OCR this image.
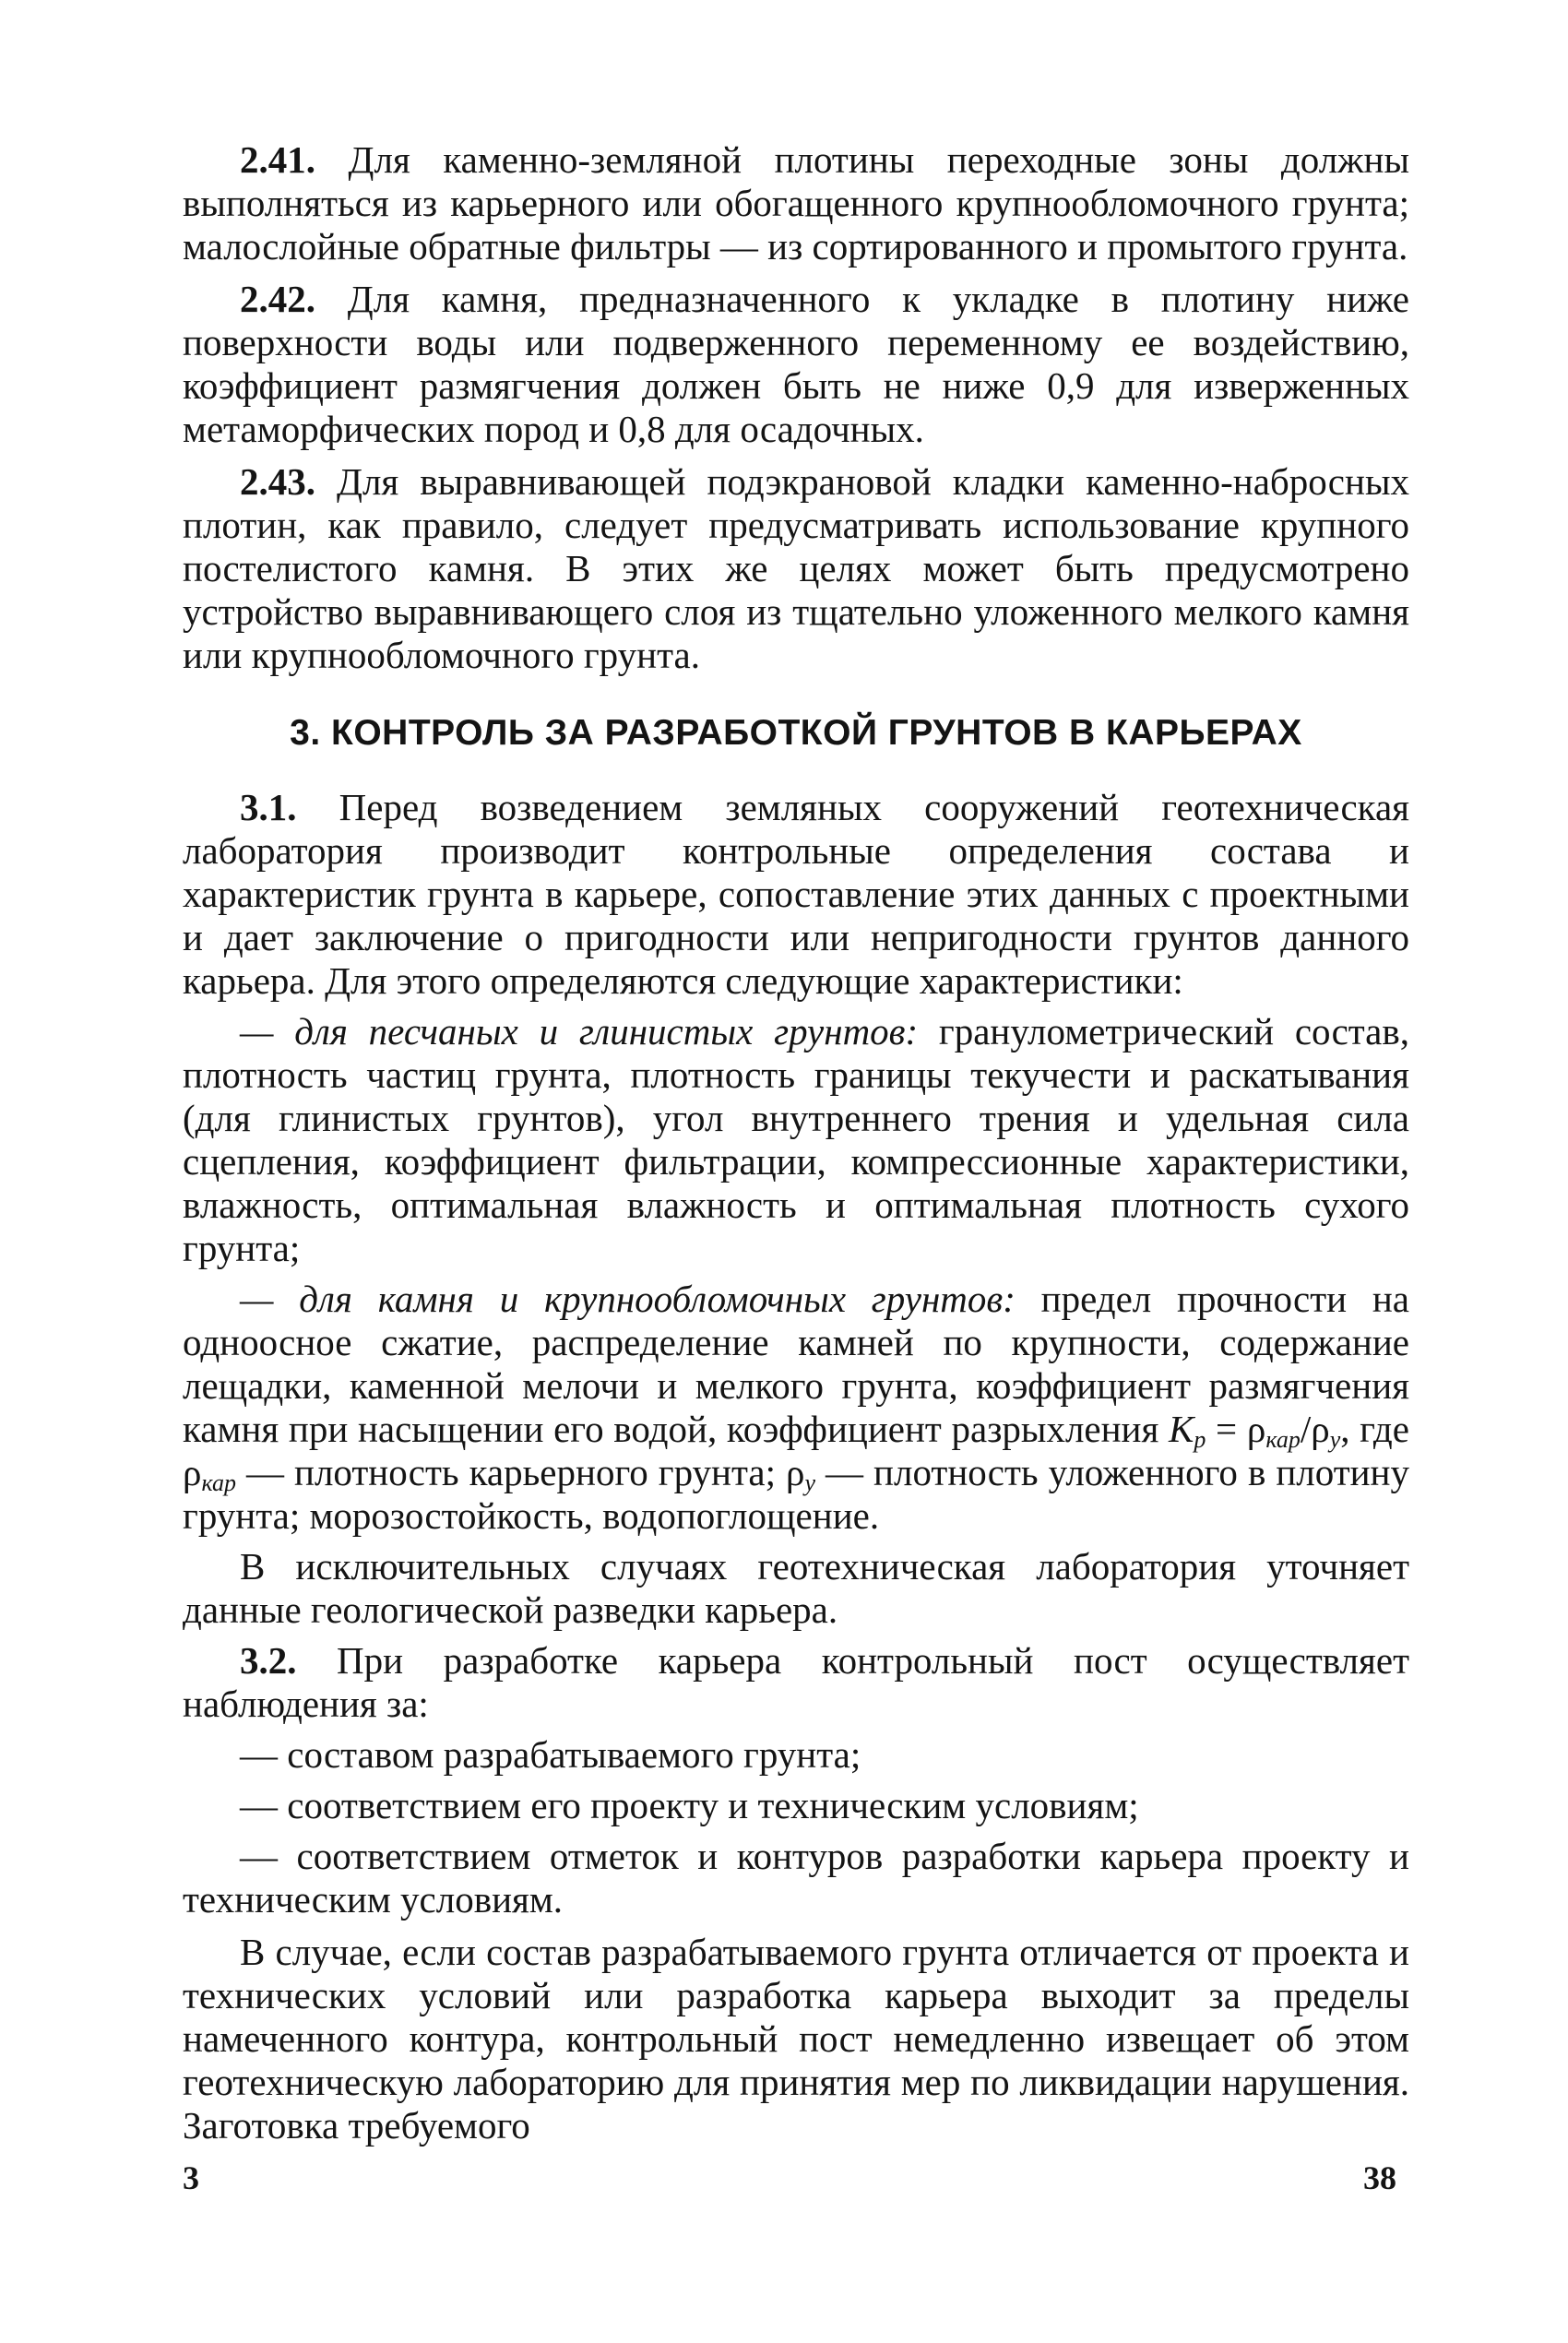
2.41. Для каменно-земляной плотины переходные зоны должны выполняться из карьерного или обогащенного крупнообломочного грунта; малослойные обратные фильтры — из сортированного и промытого грунта.

2.42. Для камня, предназначенного к укладке в плотину ниже поверхности воды или подверженного переменному ее воздействию, коэффициент размягчения должен быть не ниже 0,9 для изверженных метаморфических пород и 0,8 для осадочных.

2.43. Для выравнивающей подэкрановой кладки каменно-набросных плотин, как правило, следует предусматривать использование крупного постелистого камня. В этих же целях может быть предусмотрено устройство выравнивающего слоя из тщательно уложенного мелкого камня или крупнообломочного грунта.

3. КОНТРОЛЬ ЗА РАЗРАБОТКОЙ ГРУНТОВ В КАРЬЕРАХ

3.1. Перед возведением земляных сооружений геотехническая лаборатория производит контрольные определения состава и характеристик грунта в карьере, сопоставление этих данных с проектными и дает заключение о пригодности или непригодности грунтов данного карьера. Для этого определяются следующие характеристики:

— для песчаных и глинистых грунтов: гранулометрический состав, плотность частиц грунта, плотность границы текучести и раскатывания (для глинистых грунтов), угол внутреннего трения и удельная сила сцепления, коэффициент фильтрации, компрессионные характеристики, влажность, оптимальная влажность и оптимальная плотность сухого грунта;

— для камня и крупнообломочных грунтов: предел прочности на одноосное сжатие, распределение камней по крупности, содержание лещадки, каменной мелочи и мелкого грунта, коэффициент размягчения камня при насыщении его водой, коэффициент разрыхления $K_p = \rho_{кар}/\rho_y$, где $\rho_{кар}$ — плотность карьерного грунта; $\rho_y$ — плотность уложенного в плотину грунта; морозостойкость, водопоглощение.

В исключительных случаях геотехническая лаборатория уточняет данные геологической разведки карьера.

3.2. При разработке карьера контрольный пост осуществляет наблюдения за:

— составом разрабатываемого грунта;

— соответствием его проекту и техническим условиям;

— соответствием отметок и контуров разработки карьера проекту и техническим условиям.

В случае, если состав разрабатываемого грунта отличается от проекта и технических условий или разработка карьера выходит за пределы намеченного контура, контрольный пост немедленно извещает об этом геотехническую лабораторию для принятия мер по ликвидации нарушения. Заготовка требуемого

3	38
